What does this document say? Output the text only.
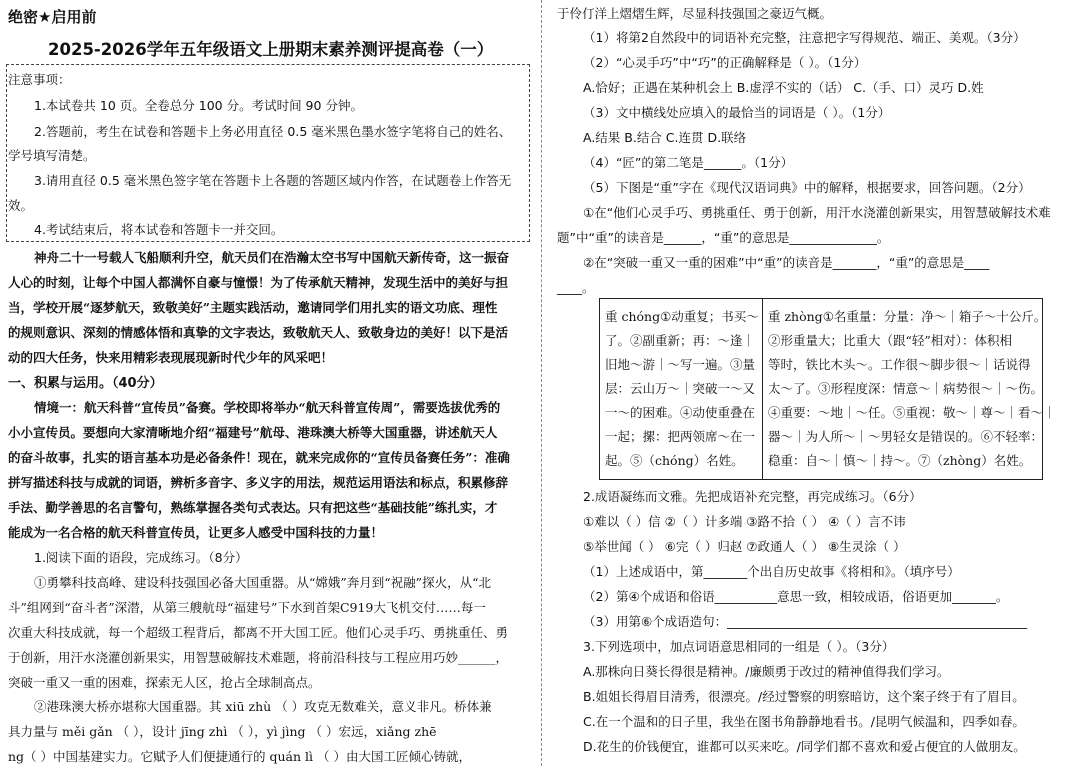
绝密★启用前
2025-2026学年五年级语文上册期末素养测评提高卷（一）
注意事项：
1.本试卷共 10 页。全卷总分 100 分。考试时间 90 分钟。
2.答题前，考生在试卷和答题卡上务必用直径 0.5 毫米黑色墨水签字笔将自己的姓名、
学号填写清楚。
3.请用直径 0.5 毫米黑色签字笔在答题卡上各题的答题区域内作答，在试题卷上作答无
效。
4.考试结束后，将本试卷和答题卡一并交回。
神舟二十一号载人飞船顺利升空，航天员们在浩瀚太空书写中国航天新传奇，这一振奋
人心的时刻，让每个中国人都满怀自豪与憧憬！为了传承航天精神，发现生活中的美好与担
当，学校开展“逐梦航天，致敬美好”主题实践活动，邀请同学们用扎实的语文功底、理性
的规则意识、深刻的情感体悟和真挚的文字表达，致敬航天人、致敬身边的美好！以下是活
动的四大任务，快来用精彩表现展现新时代少年的风采吧！
一、积累与运用。（40分）
情境一：航天科普“宣传员”备赛。学校即将举办“航天科普宣传周”，需要选拔优秀的
小小宣传员。要想向大家清晰地介绍“福建号”航母、港珠澳大桥等大国重器，讲述航天人
的奋斗故事，扎实的语言基本功是必备条件！现在，就来完成你的“宣传员备赛任务”：准确
拼写描述科技与成就的词语，辨析多音字、多义字的用法，规范运用语法和标点，积累修辞
手法、勤学善思的名言警句，熟练掌握各类句式表达。只有把这些“基础技能”练扎实，才
能成为一名合格的航天科普宣传员，让更多人感受中国科技的力量！
1.阅读下面的语段，完成练习。（8分）
①勇攀科技高峰、建设科技强国必备大国重器。从“嫦娥”奔月到“祝融”探火，从“北
斗”组网到“奋斗者”深潜，从第三艘航母“福建号”下水到首架C919大飞机交付……每一
次重大科技成就，每一个超级工程背后，都离不开大国工匠。他们心灵手巧、勇挑重任、勇
于创新，用汗水浇灌创新果实，用智慧破解技术难题，将前沿科技与工程应用巧妙______，
突破一重又一重的困难，探索无人区，抢占全球制高点。
②港珠澳大桥亦堪称大国重器。其 xiū zhù （ ）攻克无数难关，意义非凡。桥体兼
具力量与 měi gǎn （ ），设计 jīng zhì （ ），yì jìng （ ）宏远，xiǎng zhē
ng（ ）中国基建实力。它赋予人们便捷通行的 quán lì （ ）由大国工匠倾心铸就，
于伶仃洋上熠熠生辉，尽显科技强国之豪迈气概。
（1）将第2自然段中的词语补充完整，注意把字写得规范、端正、美观。（3分）
（2）“心灵手巧”中“巧”的正确解释是（ ）。（1分）
A.恰好；正遇在某种机会上 B.虚浮不实的（话） C.（手、口）灵巧 D.姓
（3）文中横线处应填入的最恰当的词语是（ ）。（1分）
A.结果 B.结合 C.连贯 D.联络
（4）“匠”的第二笔是______。（1分）
（5）下图是“重”字在《现代汉语词典》中的解释，根据要求，回答问题。（2分）
①在“他们心灵手巧、勇挑重任、勇于创新，用汗水浇灌创新果实，用智慧破解技术难
题”中“重”的读音是______，“重”的意思是______________。
②在“突破一重又一重的困难”中“重”的读音是_______，“重”的意思是____
____。
重 chóng①动重复；书买～
了。②副重新；再：～逢｜
旧地～游｜～写一遍。③量
层：云山万～｜突破一～又
一～的困难。④动使重叠在
一起；摞：把两领席～在一
起。⑤（chóng）名姓。
重 zhòng①名重量：分量：净～｜箱子～十公斤。
②形重量大；比重大（跟“轻”相对）：体积相
等时，铁比木头～。工作很～脚步很～｜话说得
太～了。③形程度深：情意～｜病势很～｜～伤。
④重要：～地｜～任。⑤重视：敬～｜尊～｜看～｜
器～｜为人所～｜～男轻女是错误的。⑥不轻率：
稳重：自～｜慎～｜持～。⑦（zhòng）名姓。
2.成语凝练而文雅。先把成语补充完整，再完成练习。（6分）
①难以（ ）信 ②（ ）计多端 ③路不拾（ ） ④（ ）言不讳
⑤举世闻（ ） ⑥完（ ）归赵 ⑦政通人（ ） ⑧生灵涂（ ）
（1）上述成语中，第_______个出自历史故事《将相和》。（填序号）
（2）第④个成语和俗语__________意思一致，相较成语，俗语更加_______。
（3）用第⑥个成语造句：________________________________________________
3.下列选项中，加点词语意思相同的一组是（ ）。（3分）
A.那株向日葵长得很是精神。/廉颇勇于改过的精神值得我们学习。
B.姐姐长得眉目清秀，很漂亮。/经过警察的明察暗访，这个案子终于有了眉目。
C.在一个温和的日子里，我坐在图书角静静地看书。/昆明气候温和，四季如春。
D.花生的价钱便宜，谁都可以买来吃。/同学们都不喜欢和爱占便宜的人做朋友。
